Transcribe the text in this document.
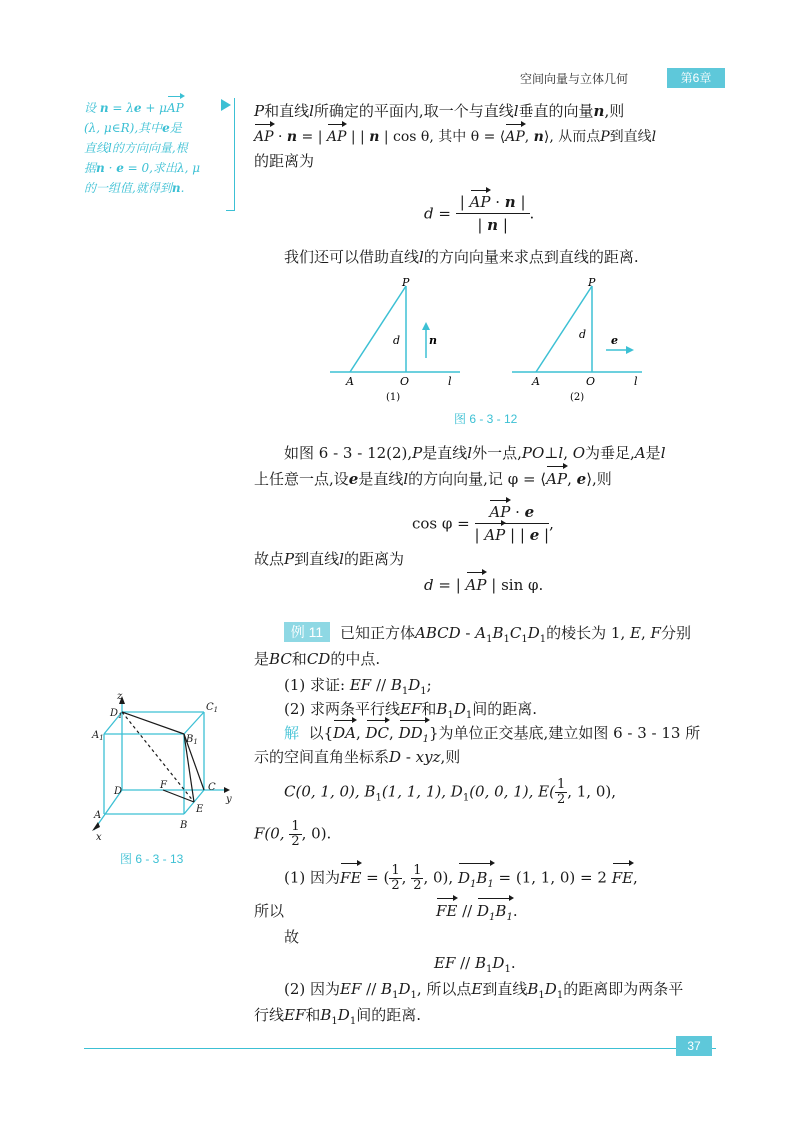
空间向量与立体几何	第6章
设 n = λe + μAP
(λ, μ∈R),其中e是
直线l的方向向量,根
据n · e = 0,求出λ, μ
的一组值,就得到n.
P和直线l所确定的平面内,取一个与直线l垂直的向量n,则
AP · n = | AP | | n | cos θ, 其中 θ = ⟨AP, n⟩, 从而点P到直线l
的距离为
$d = \frac{| AP \cdot n |}{| n |}$ .
我们还可以借助直线l的方向向量来求点到直线的距离.
P
d	n
A	O	l
(1)
P
d e
A	O	l
(2)
图 6 - 3 - 12
如图 6 - 3 - 12(2),P是直线l外一点,PO⊥l, O为垂足,A是l
上任意一点,设e是直线l的方向向量,记 φ = ⟨AP, e⟩,则
$\cos \varphi = \frac{AP \cdot e}{| AP | | e |}$ ,
故点P到直线l的距离为
d = | AP | sin φ.
例 11	已知正方体ABCD - $A_1B_1C_1D_1$的棱长为 1, E, F分别
是BC和CD的中点.
(1) 求证: EF // $B_1D_1$;
(2) 求两条平行线EF和$B_1D_1$间的距离.
解 以{DA, DC, $DD_1$}为单位正交基底,建立如图 6 - 3 - 13 所
示的空间直角坐标系D - xyz,则
C(0, 1, 0), $B_1(1$, 1, 1), $D_1(0$, 0, 1), $E( \frac{1}{2}$ , 1, 0),
F(0, $\frac{1}{2}$ , 0).
(1) 因为FE = ( $\frac{1}{2}$ , $\frac{1}{2}$ , 0), $D_1B_1 = (1$, 1, 0) = 2 FE,
所以	FE // $D_1B_1$.
故
EF // $B_1D_1$.
(2) 因为EF // $B_1D_1$, 所以点E到直线$B_1D_1$的距离即为两条平
行线EF和$B_1D_1$间的距离.
z
$D_1$
$C_1$
$A_1$	$B_1$
D
F	C
y
A
E
B
x
图 6 - 3 - 13
37
